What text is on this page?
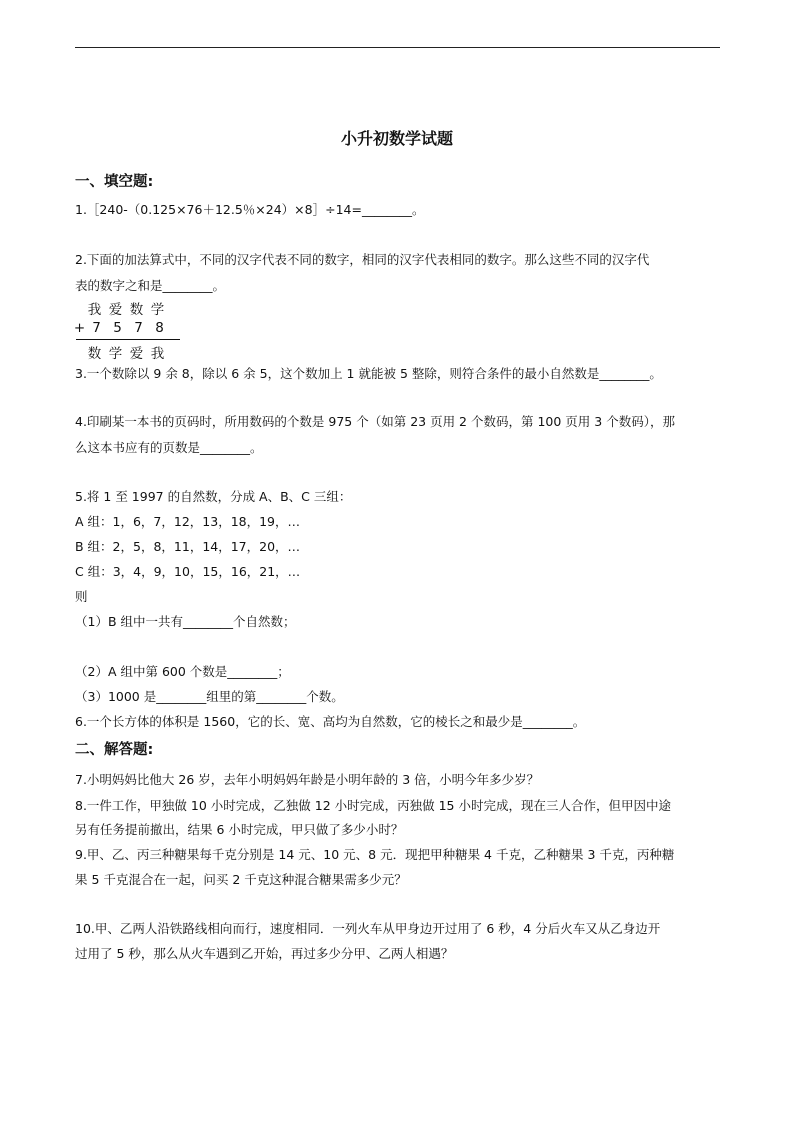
小升初数学试题
一、填空题:
1.［240-（0.125×76＋12.5％×24）×8］÷14=________。
2.下面的加法算式中，不同的汉字代表不同的数字，相同的汉字代表相同的数字。那么这些不同的汉字代
表的数字之和是________。
我 爱 数 学
+ 7 5 7 8
数 学 爱 我
3.一个数除以 9 余 8，除以 6 余 5，这个数加上 1 就能被 5 整除，则符合条件的最小自然数是________。
4.印刷某一本书的页码时，所用数码的个数是 975 个（如第 23 页用 2 个数码，第 100 页用 3 个数码），那
么这本书应有的页数是________。
5.将 1 至 1997 的自然数，分成 A、B、C 三组：
A 组：1，6，7，12，13，18，19，…
B 组：2，5，8，11，14，17，20，…
C 组：3，4，9，10，15，16，21，…
则
（1）B 组中一共有________个自然数；
（2）A 组中第 600 个数是________；
（3）1000 是________组里的第________个数。
6.一个长方体的体积是 1560，它的长、宽、高均为自然数，它的棱长之和最少是________。
二、解答题:
7.小明妈妈比他大 26 岁，去年小明妈妈年龄是小明年龄的 3 倍，小明今年多少岁？
8.一件工作，甲独做 10 小时完成，乙独做 12 小时完成，丙独做 15 小时完成，现在三人合作，但甲因中途
另有任务提前撤出，结果 6 小时完成，甲只做了多少小时？
9.甲、乙、丙三种糖果每千克分别是 14 元、10 元、8 元．现把甲种糖果 4 千克，乙种糖果 3 千克，丙种糖
果 5 千克混合在一起，问买 2 千克这种混合糖果需多少元？
10.甲、乙两人沿铁路线相向而行，速度相同．一列火车从甲身边开过用了 6 秒，4 分后火车又从乙身边开
过用了 5 秒，那么从火车遇到乙开始，再过多少分甲、乙两人相遇？
